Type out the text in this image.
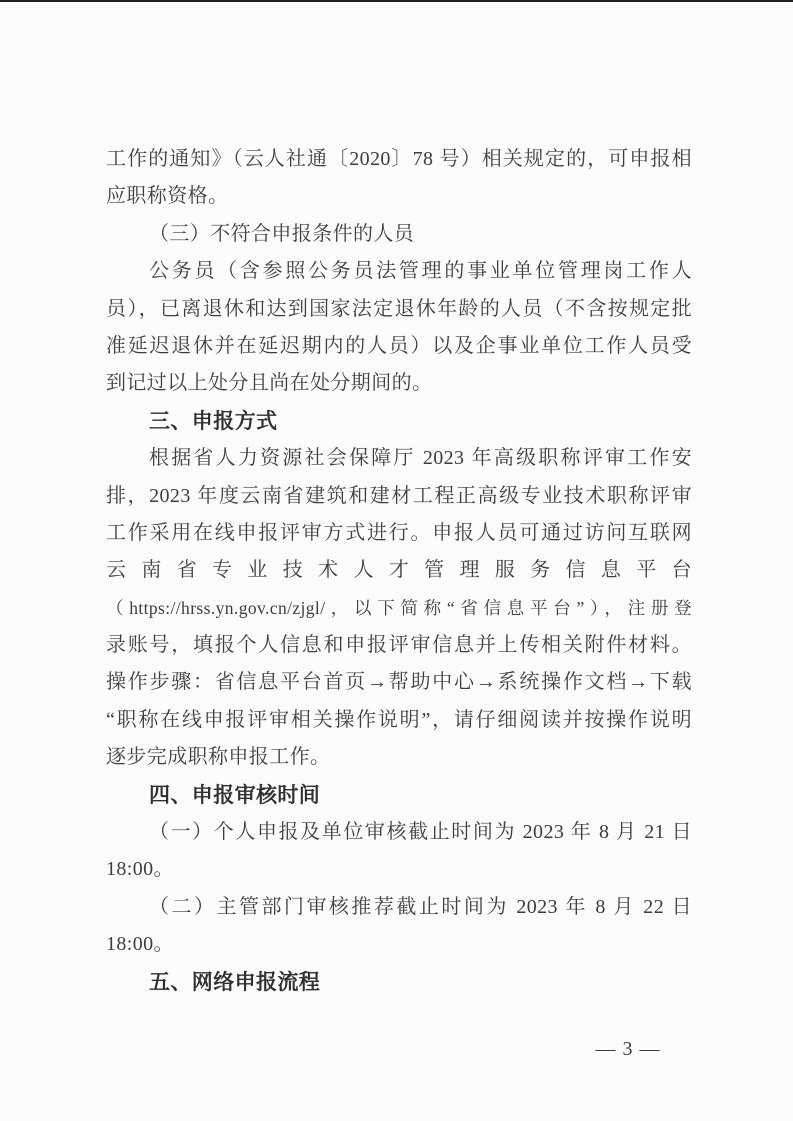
工作的通知》（云人社通〔2020〕78 号）相关规定的，可申报相
应职称资格。
（三）不符合申报条件的人员
公务员（含参照公务员法管理的事业单位管理岗工作人
员），已离退休和达到国家法定退休年龄的人员（不含按规定批
准延迟退休并在延迟期内的人员）以及企事业单位工作人员受
到记过以上处分且尚在处分期间的。
三、申报方式
根据省人力资源社会保障厅 2023 年高级职称评审工作安
排，2023 年度云南省建筑和建材工程正高级专业技术职称评审
工作采用在线申报评审方式进行。申报人员可通过访问互联网
云南省专业技术人才管理服务信息平台
（https://hrss.yn.gov.cn/zjgl/，以下简称“省信息平台”），注册登
录账号，填报个人信息和申报评审信息并上传相关附件材料。
操作步骤：省信息平台首页→帮助中心→系统操作文档→下载
“职称在线申报评审相关操作说明”，请仔细阅读并按操作说明
逐步完成职称申报工作。
四、申报审核时间
（一）个人申报及单位审核截止时间为 2023 年 8 月 21 日
18:00。
（二）主管部门审核推荐截止时间为 2023 年 8 月 22 日
18:00。
五、网络申报流程
— 3 —
